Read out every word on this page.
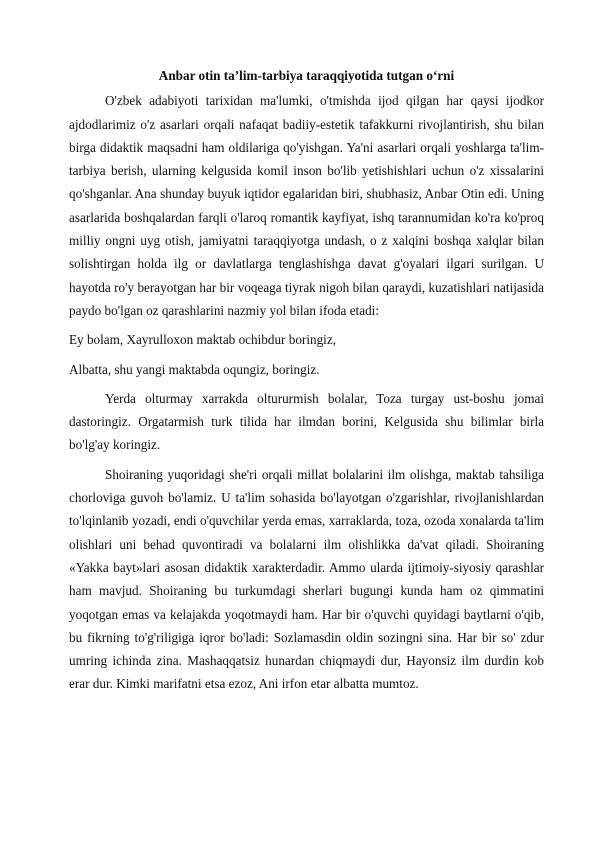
Anbar otin ta’lim-tarbiya taraqqiyotida tutgan o‘rni

O'zbek adabiyoti tarixidan ma'lumki, o'tmishda ijod qilgan har qaysi ijodkor ajdodlarimiz o'z asarlari orqali nafaqat badiiy-estetik tafakkurni rivojlantirish, shu bilan birga didaktik maqsadni ham oldilariga qo'yishgan. Ya'ni asarlari orqali yoshlarga ta'lim-tarbiya berish, ularning kelgusida komil inson bo'lib yetishishlari uchun o'z xissalarini qo'shganlar. Ana shunday buyuk iqtidor egalaridan biri, shubhasiz, Anbar Otin edi. Uning asarlarida boshqalardan farqli o'laroq romantik kayfiyat, ishq tarannumidan ko'ra ko'proq milliy ongni uyg otish, jamiyatni taraqqiyotga undash, o z xalqini boshqa xalqlar bilan solishtirgan holda ilg or davlatlarga tenglashishga davat g'oyalari ilgari surilgan. U hayotda ro'y berayotgan har bir voqeaga tiyrak nigoh bilan qaraydi, kuzatishlari natijasida paydo bo'lgan oz qarashlarini nazmiy yol bilan ifoda etadi:

Ey bolam, Xayrulloxon maktab ochibdur boringiz,

Albatta, shu yangi maktabda oqungiz, boringiz.

Yerda olturmay xarrakda oltururmish bolalar, Toza turgay ust-boshu jomai dastoringiz. Orgatarmish turk tilida har ilmdan borini, Kelgusida shu bilimlar birla bo'lg'ay koringiz.

Shoiraning yuqoridagi she'ri orqali millat bolalarini ilm olishga, maktab tahsiliga chorloviga guvoh bo'lamiz. U ta'lim sohasida bo'layotgan o'zgarishlar, rivojlanishlardan to'lqinlanib yozadi, endi o'quvchilar yerda emas, xarraklarda, toza, ozoda xonalarda ta'lim olishlari uni behad quvontiradi va bolalarni ilm olishlikka da'vat qiladi. Shoiraning «Yakka bayt»lari asosan didaktik xarakterdadir. Ammo ularda ijtimoiy-siyosiy qarashlar ham mavjud. Shoiraning bu turkumdagi sherlari bugungi kunda ham oz qimmatini yoqotgan emas va kelajakda yoqotmaydi ham. Har bir o'quvchi quyidagi baytlarni o'qib, bu fikrning to'g'riligiga iqror bo'ladi: Sozlamasdin oldin sozingni sina. Har bir so' zdur umring ichinda zina. Mashaqqatsiz hunardan chiqmaydi dur, Hayonsiz ilm durdin kob erar dur. Kimki marifatni etsa ezoz, Ani irfon etar albatta mumtoz.
